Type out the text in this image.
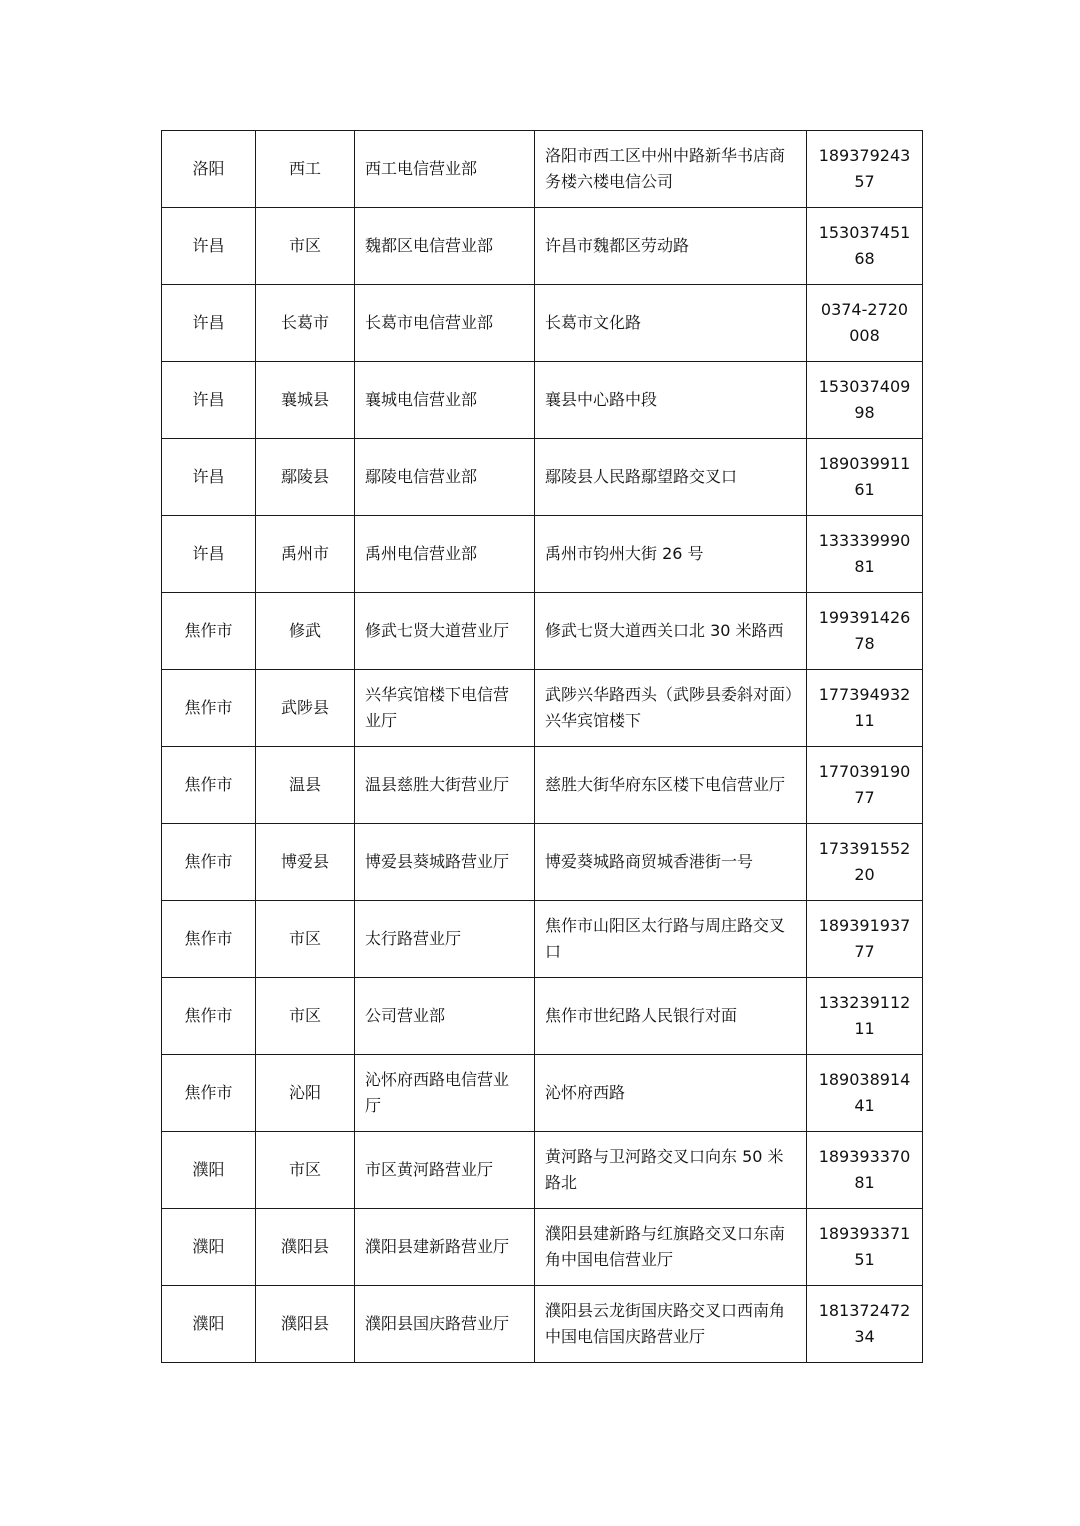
洛阳	西工	西工电信营业部	洛阳市西工区中州中路新华书店商务楼六楼电信公司	18937924357
许昌	市区	魏都区电信营业部	许昌市魏都区劳动路	15303745168
许昌	长葛市	长葛市电信营业部	长葛市文化路	0374-2720008
许昌	襄城县	襄城电信营业部	襄县中心路中段	15303740998
许昌	鄢陵县	鄢陵电信营业部	鄢陵县人民路鄢望路交叉口	18903991161
许昌	禹州市	禹州电信营业部	禹州市钧州大街 26 号	13333999081
焦作市	修武	修武七贤大道营业厅	修武七贤大道西关口北 30 米路西	19939142678
焦作市	武陟县	兴华宾馆楼下电信营业厅	武陟兴华路西头（武陟县委斜对面）兴华宾馆楼下	17739493211
焦作市	温县	温县慈胜大街营业厅	慈胜大街华府东区楼下电信营业厅	17703919077
焦作市	博爱县	博爱县葵城路营业厅	博爱葵城路商贸城香港街一号	17339155220
焦作市	市区	太行路营业厅	焦作市山阳区太行路与周庄路交叉口	18939193777
焦作市	市区	公司营业部	焦作市世纪路人民银行对面	13323911211
焦作市	沁阳	沁怀府西路电信营业厅	沁怀府西路	18903891441
濮阳	市区	市区黄河路营业厅	黄河路与卫河路交叉口向东 50 米路北	18939337081
濮阳	濮阳县	濮阳县建新路营业厅	濮阳县建新路与红旗路交叉口东南角中国电信营业厅	18939337151
濮阳	濮阳县	濮阳县国庆路营业厅	濮阳县云龙街国庆路交叉口西南角中国电信国庆路营业厅	18137247234
